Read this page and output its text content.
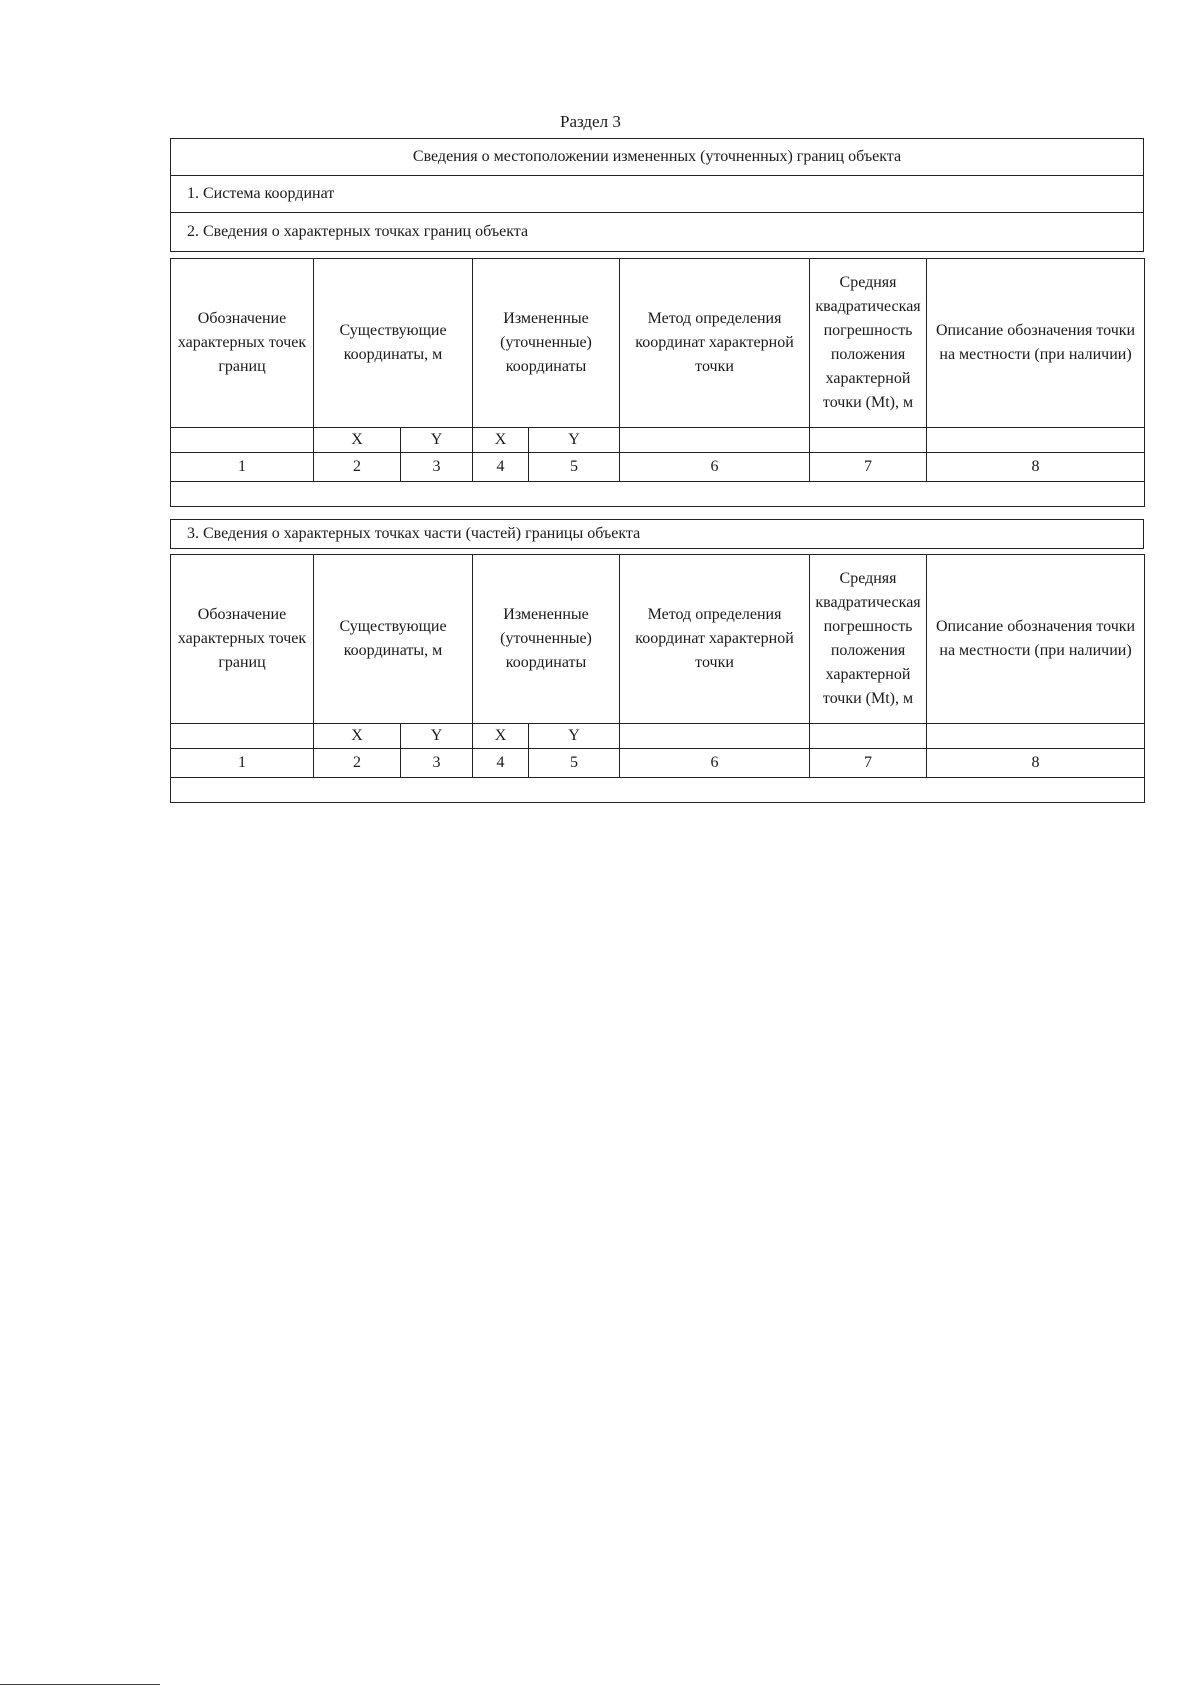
Раздел 3
Сведения о местоположении измененных (уточненных) границ объекта
1. Система координат
2. Сведения о характерных точках границ объекта
Обозначение характерных точек границ	Существующие координаты, м		Измененные (уточненные) координаты		Метод определения координат характерной точки	Средняя квадратическая погрешность положения характерной точки (Mt), м	Описание обозначения точки на местности (при наличии)
	X	Y	X	Y			
1	2	3	4	5	6	7	8

3. Сведения о характерных точках части (частей) границы объекта
Обозначение характерных точек границ	Существующие координаты, м		Измененные (уточненные) координаты		Метод определения координат характерной точки	Средняя квадратическая погрешность положения характерной точки (Mt), м	Описание обозначения точки на местности (при наличии)
	X	Y	X	Y			
1	2	3	4	5	6	7	8
